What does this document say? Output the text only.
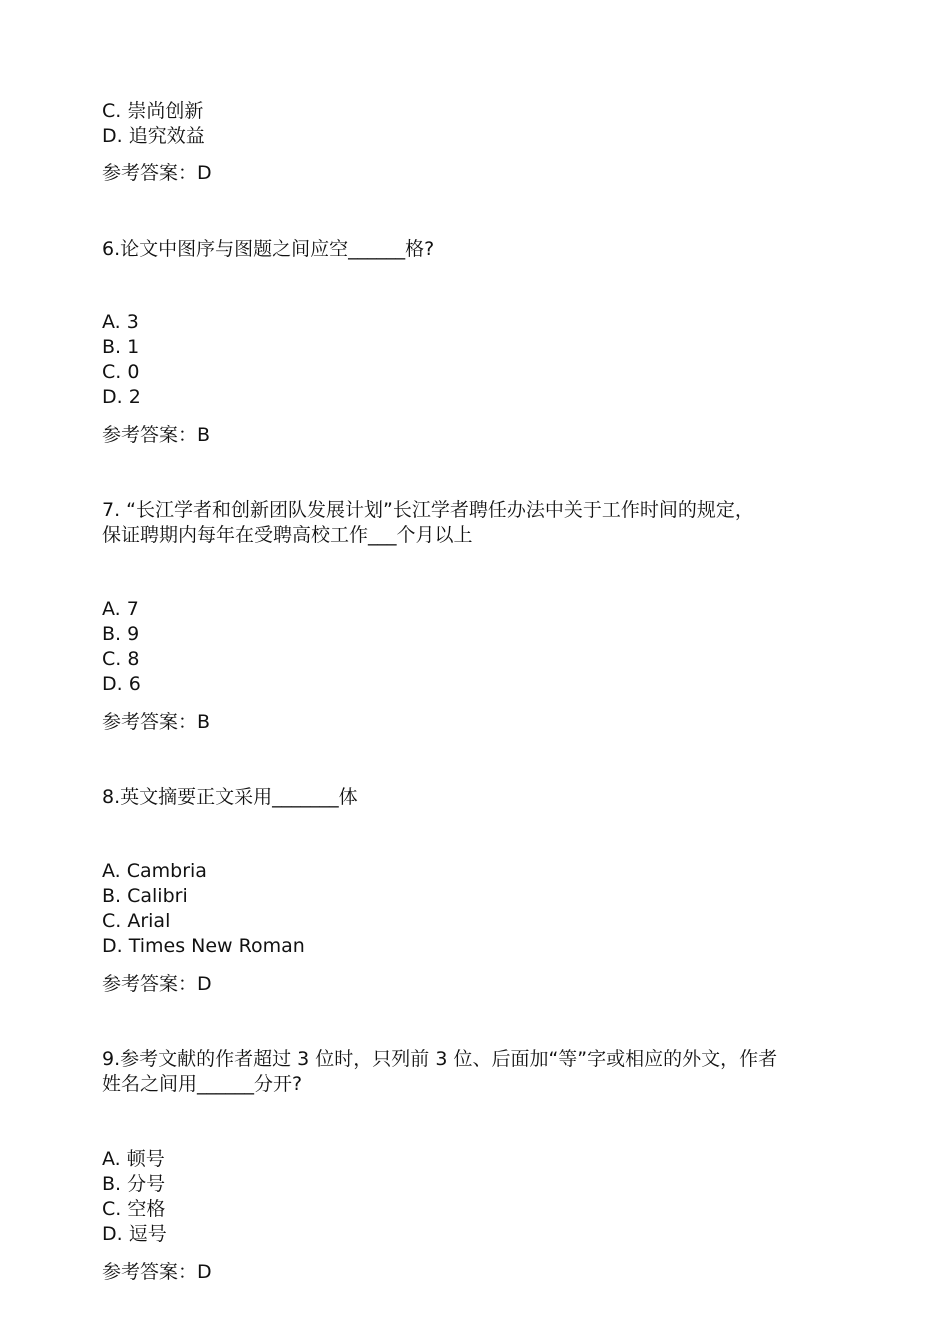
C. 崇尚创新
D. 追究效益
参考答案：D
6.论文中图序与图题之间应空______格?
A. 3
B. 1
C. 0
D. 2
参考答案：B
7. “长江学者和创新团队发展计划”长江学者聘任办法中关于工作时间的规定，
保证聘期内每年在受聘高校工作___个月以上
A. 7
B. 9
C. 8
D. 6
参考答案：B
8.英文摘要正文采用_______体
A. Cambria
B. Calibri
C. Arial
D. Times New Roman
参考答案：D
9.参考文献的作者超过 3 位时，只列前 3 位、后面加“等”字或相应的外文，作者
姓名之间用______分开?
A. 顿号
B. 分号
C. 空格
D. 逗号
参考答案：D
